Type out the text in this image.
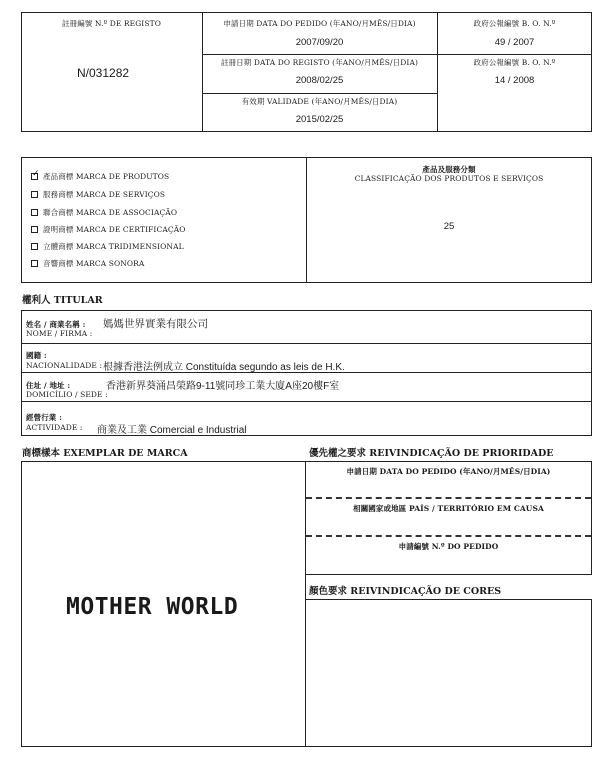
註冊編號 N.º DE REGISTO
N/031282
申請日期 DATA DO PEDIDO (年ANO/月MÊS/日DIA)
2007/09/20
政府公報編號 B. O. N.º
49 / 2007
註冊日期 DATA DO REGISTO (年ANO/月MÊS/日DIA)
2008/02/25
政府公報編號 B. O. N.º
14 / 2008
有效期 VALIDADE (年ANO/月MÊS/日DIA)
2015/02/25
✓產品商標 MARCA DE PRODUTOS
服務商標 MARCA DE SERVIÇOS
聯合商標 MARCA DE ASSOCIAÇÃO
證明商標 MARCA DE CERTIFICAÇÃO
立體商標 MARCA TRIDIMENSIONAL
音響商標 MARCA SONORA
產品及服務分類
CLASSIFICAÇÃO DOS PRODUTOS E SERVIÇOS
25
權利人 TITULAR
姓名 / 商業名稱 :
NOME / FIRMA :
媽媽世界實業有限公司
國籍 :
NACIONALIDADE : 根據香港法例成立 Constituída segundo as leis de H.K.
住址 / 地址 :
DOMICÍLIO / SEDE :
香港新界葵涌昌榮路9-11號同珍工業大廈A座20樓F室
經營行業 :
ACTIVIDADE : 商業及工業 Comercial e Industrial
商標樣本 EXEMPLAR DE MARCA	優先權之要求 REIVINDICAÇÃO DE PRIORIDADE
MOTHER WORLD
申請日期 DATA DO PEDIDO (年ANO/月MÊS/日DIA)
相關國家或地區 PAÍS / TERRITÓRIO EM CAUSA
申請編號 N.º DO PEDIDO
顏色要求 REIVINDICAÇÃO DE CORES
